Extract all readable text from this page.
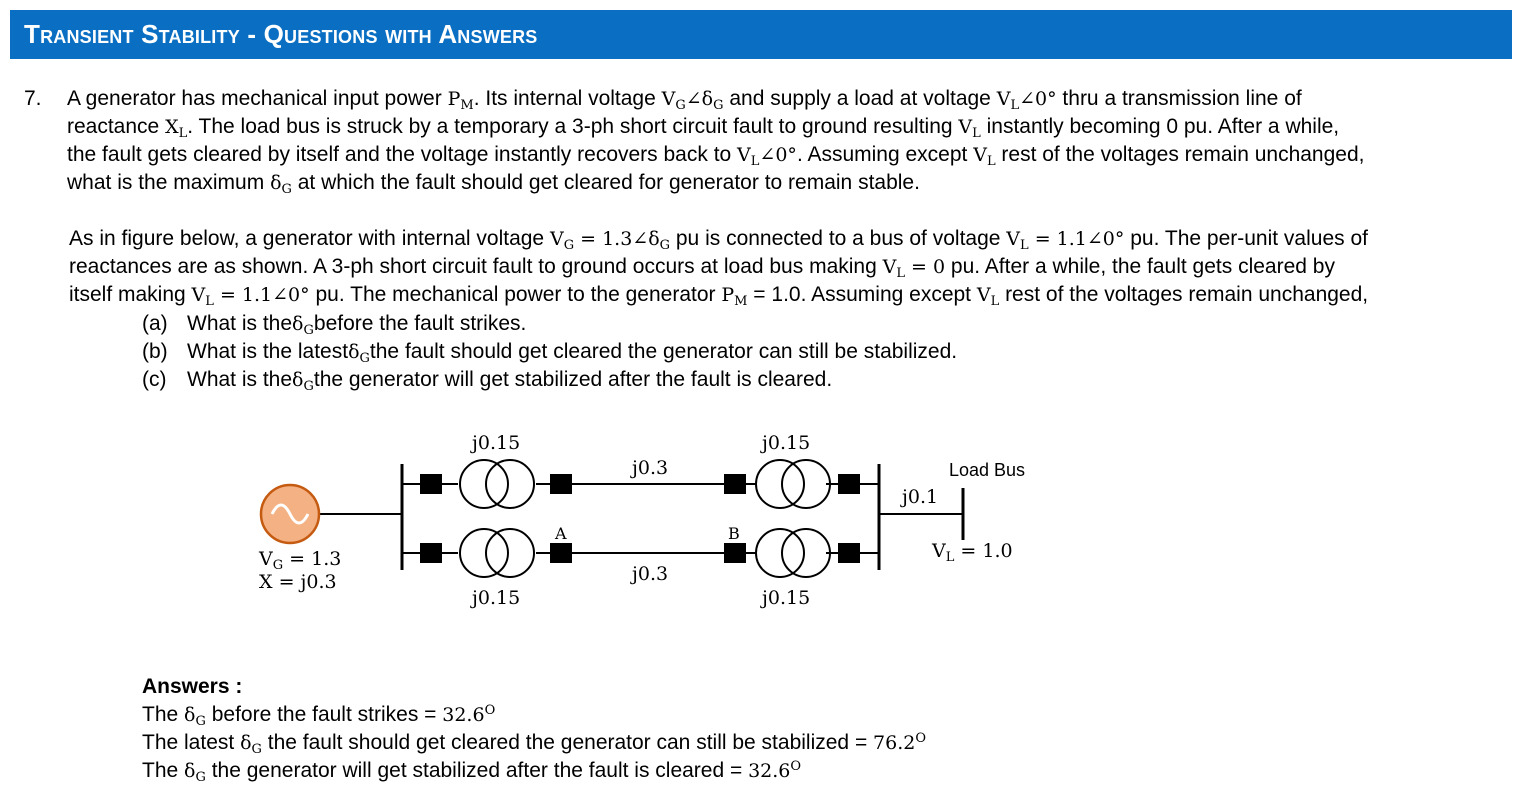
Transient Stability - Questions with Answers
7. A generator has mechanical input power $P_M$. Its internal voltage $V_G\angle\delta_G$ and supply a load at voltage $V_L\angle 0^\circ$ thru a transmission line of
reactance $X_L$. The load bus is struck by a temporary a 3-ph short circuit fault to ground resulting $V_L$ instantly becoming 0 pu. After a while,
the fault gets cleared by itself and the voltage instantly recovers back to $V_L\angle 0^\circ$. Assuming except $V_L$ rest of the voltages remain unchanged,
what is the maximum $\delta_G$ at which the fault should get cleared for generator to remain stable.
As in figure below, a generator with internal voltage $V_G$ = $1.3\angle\delta_G$ pu is connected to a bus of voltage $V_L$ = 1.1∠0° pu. The per-unit values of
reactances are as shown. A 3-ph short circuit fault to ground occurs at load bus making $V_L = 0$ pu. After a while, the fault gets cleared by
itself making $V_L$ = 1.1∠0° pu. The mechanical power to the generator $P_M = 1.0$. Assuming except $V_L$ rest of the voltages remain unchanged,
(a) What is the $\delta_G$ before the fault strikes.
(b) What is the latest $\delta_G$ the fault should get cleared the generator can still be stabilized.
(c) What is the $\delta_G$ the generator will get stabilized after the fault is cleared.
j0.15
j0.3
j0.15
j0.1
A	B
j0.3
j0.15	j0.15
Load Bus
$V_L = 1.0$
$V_G = 1.3$
X = j0.3
Answers :
The $\delta_G$ before the fault strikes = $32.6^O$
The latest $\delta_G$ the fault should get cleared the generator can still be stabilized = $76.2^O$
The $\delta_G$ the generator will get stabilized after the fault is cleared = $32.6^O$
